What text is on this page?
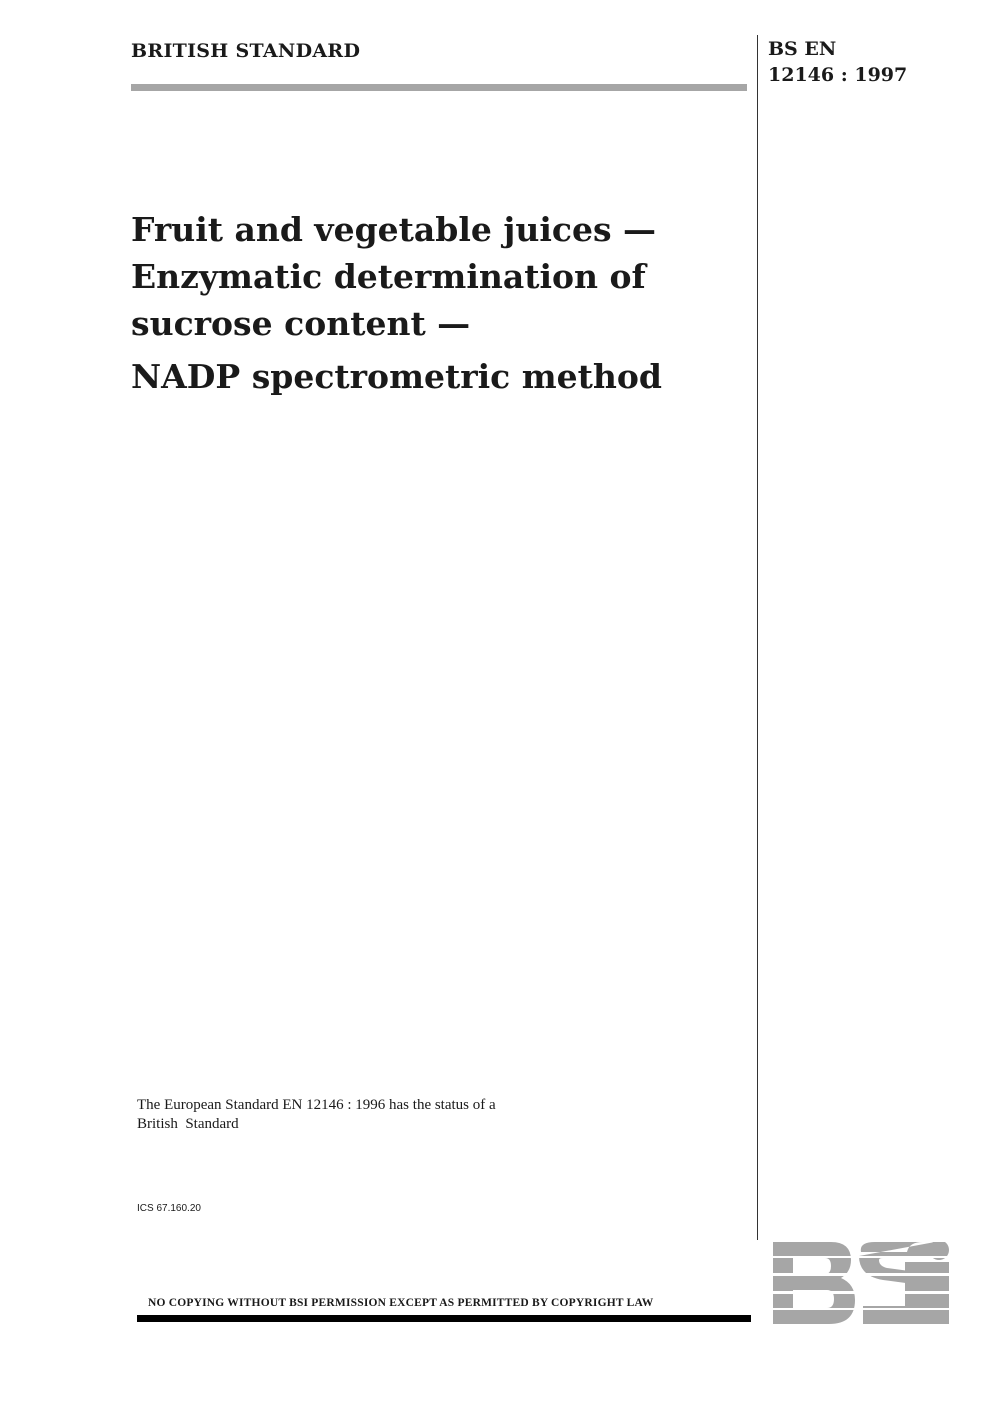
BRITISH STANDARD	BS EN
12146 : 1997
Fruit and vegetable juices —
Enzymatic determination of
sucrose content —
NADP spectrometric method
The European Standard EN 12146 : 1996 has the status of a
British  Standard
ICS 67.160.20
NO COPYING WITHOUT BSI PERMISSION EXCEPT AS PERMITTED BY COPYRIGHT LAW
